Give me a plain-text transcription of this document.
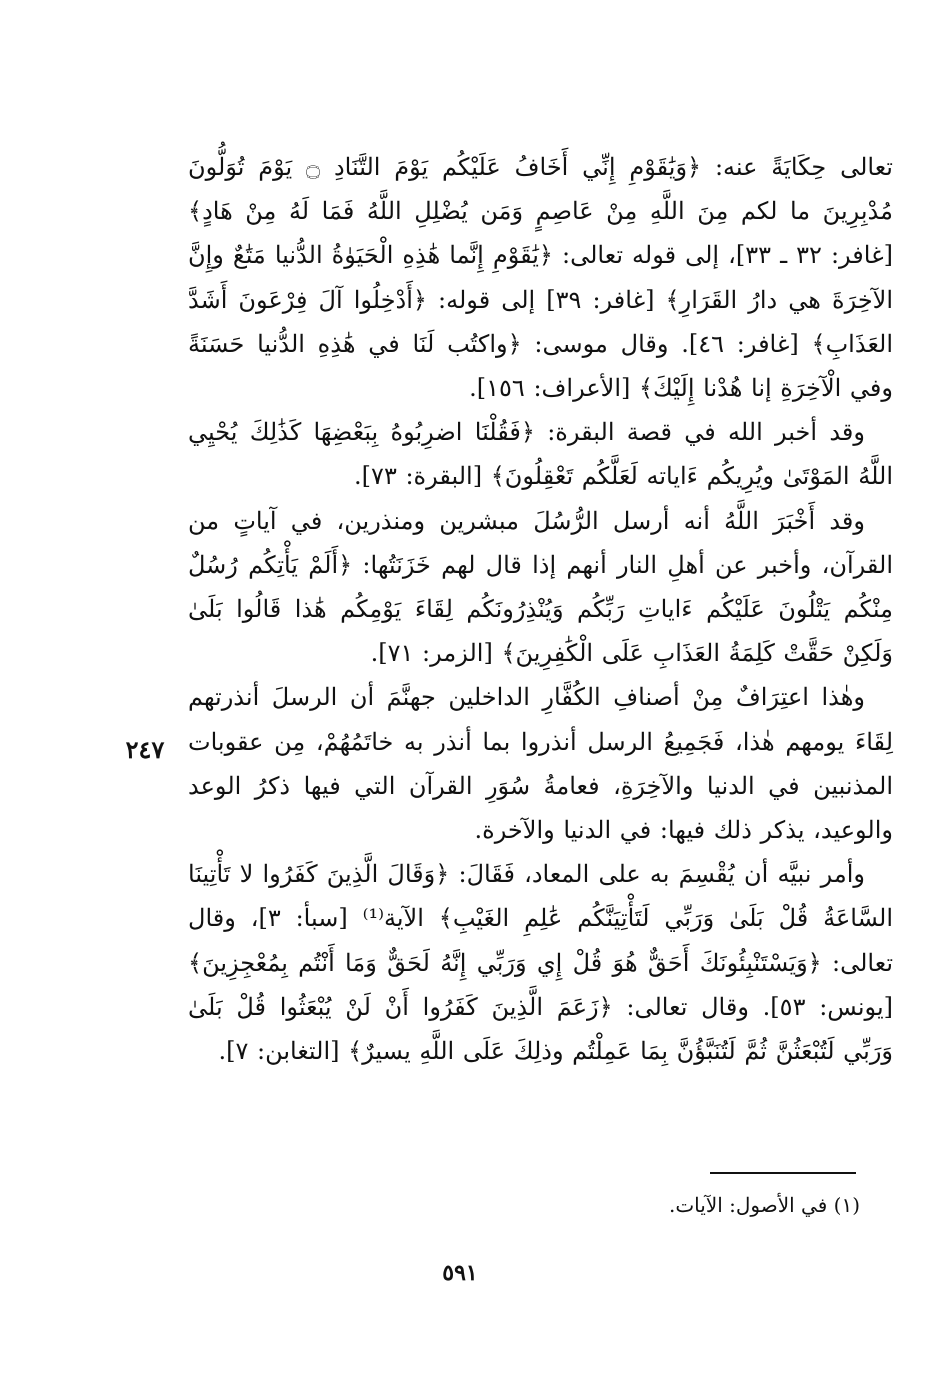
تعالى حِكَايَةً عنه: ﴿وَيَٰقَوْمِ إِنِّي أَخَافُ عَلَيْكُم يَوْمَ التَّنَادِ ۝ يَوْمَ تُوَلُّونَ مُدْبِرِينَ ما لكم مِنَ اللَّهِ مِنْ عَاصِمٍ وَمَن يُضْلِلِ اللَّهُ فَمَا لَهُ مِنْ هَادٍ﴾ [غافر: ٣٢ ـ ٣٣]، إلى قوله تعالى: ﴿يَٰقَوْمِ إِنَّما هَٰذِهِ الْحَيَوٰةُ الدُّنيا مَتَٰعٌ وإِنَّ الآخِرَةَ هي دارُ القَرَارِ﴾ [غافر: ٣٩] إلى قوله: ﴿أَدْخِلُوا آلَ فِرْعَونَ أَشَدَّ العَذَابِ﴾ [غافر: ٤٦]. وقال موسى: ﴿واكتُب لَنَا في هَٰذِهِ الدُّنيا حَسَنَةً وفي الْآخِرَةِ إنا هُدْنا إِلَيْكَ﴾ [الأعراف: ١٥٦].

وقد أخبر الله في قصة البقرة: ﴿فَقُلْنَا اضرِبُوهُ بِبَعْضِهَا كَذَٰلِكَ يُحْيِي اللَّهُ المَوْتَىٰ ويُرِيكُم ءَاياته لَعَلَّكُم تَعْقِلُونَ﴾ [البقرة: ٧٣].

وقد أَخْبَرَ اللَّهُ أنه أرسل الرُّسُلَ مبشرين ومنذرين، في آياتٍ من القرآن، وأخبر عن أهلِ النار أنهم إذا قال لهم خَزَنَتُها: ﴿أَلَمْ يَأْتِكُم رُسُلٌ مِنْكُم يَتْلُونَ عَلَيْكُم ءَاياتِ رَبِّكُم وَيُنْذِرُونَكُم لِقَاءَ يَوْمِكُم هَٰذا قَالُوا بَلَىٰ وَلَكِنْ حَقَّتْ كَلِمَةُ العَذَابِ عَلَى الْكَٰفِرِينَ﴾ [الزمر: ٧١].

وهٰذا اعتِرَافٌ مِنْ أصنافِ الكُفَّارِ الداخلين جهنَّمَ أن الرسلَ أنذرتهم لِقَاءَ يومهم هٰذا، فَجَمِيعُ الرسل أنذروا بما أنذر به خاتَمُهُمْ، مِن عقوبات المذنبين في الدنيا والآخِرَةِ، فعامةُ سُوَرِ القرآن التي فيها ذكرُ الوعد والوعيد، يذكر ذلك فيها: في الدنيا والآخرة.

وأمر نبيَّه أن يُقْسِمَ به على المعاد، فَقَالَ: ﴿وَقَالَ الَّذِينَ كَفَرُوا لا تَأْتِينَا السَّاعَةُ قُلْ بَلَىٰ وَرَبِّي لَتَأْتِيَنَّكُم عَٰلِمِ الغَيْبِ﴾ الآية⁽¹⁾ [سبأ: ٣]، وقال تعالى: ﴿وَيَسْتَنْبِئُونَكَ أَحَقٌّ هُوَ قُلْ إِي وَرَبِّي إِنَّهُ لَحَقٌّ وَمَا أَنْتُم بِمُعْجِزِينَ﴾ [يونس: ٥٣]. وقال تعالى: ﴿زَعَمَ الَّذِينَ كَفَرُوا أَنْ لَنْ يُبْعَثُوا قُلْ بَلَىٰ وَرَبِّي لَتُبْعَثُنَّ ثُمَّ لَتُنَبَّؤُنَّ بِمَا عَمِلْتُم وذلِكَ عَلَى اللَّهِ يسيرٌ﴾ [التغابن: ٧].

٢٤٧
(١) في الأصول: الآيات.
٥٩١
